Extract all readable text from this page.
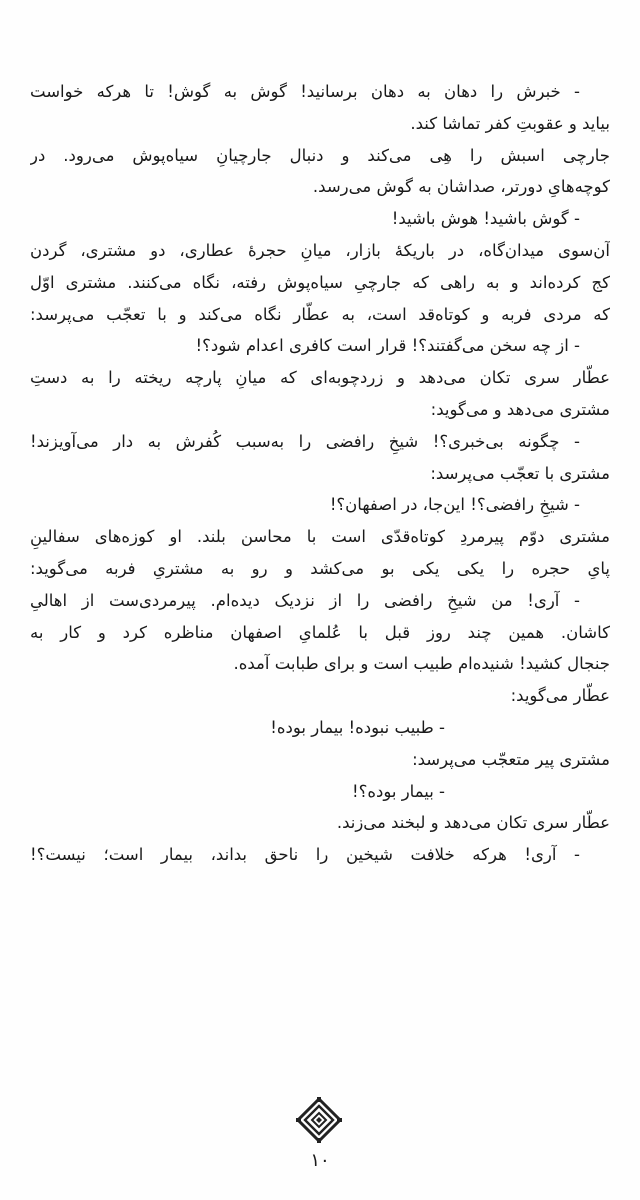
- خبرش را دهان به دهان برسانید! گوش به گوش! تا هرکه خواست
بیاید و عقوبتِ کفر تماشا کند.
جارچی اسبش را هِی می‌کند و دنبال جارچیانِ سیاه‌پوش می‌رود. در
کوچه‌هایِ دورتر، صداشان به گوش می‌رسد.
- گوش باشید! هوش باشید!
آن‌سوی میدان‌گاه، در باریکهٔ بازار، میانِ حجرهٔ عطاری، دو مشتری، گردن
کج کرده‌اند و به راهی که جارچیِ سیاه‌پوش رفته، نگاه می‌کنند. مشتری اوّل
که مردی فربه و کوتاه‌قد است، به عطّار نگاه می‌کند و با تعجّب می‌پرسد:
- از چه سخن می‌گفتند؟! قرار است کافری اعدام شود؟!
عطّار سری تکان می‌دهد و زردچوبه‌ای که میانِ پارچه ریخته را به دستِ
مشتری می‌دهد و می‌گوید:
- چگونه بی‌خبری؟! شیخِ رافضی را به‌سبب کُفرش به دار می‌آویزند!
مشتری با تعجّب می‌پرسد:
- شیخِ رافضی؟! این‌جا، در اصفهان؟!
مشتری دوّم پیرمردِ کوتاه‌قدّی است با محاسن بلند. او کوزه‌های سفالینِ
پایِ حجره را یکی یکی بو می‌کشد و رو به مشتریِ فربه می‌گوید:
- آری! من شیخِ رافضی را از نزدیک دیده‌ام. پیرمردی‌ست از اهالیِ
کاشان. همین چند روز قبل با عُلمایِ اصفهان مناظره کرد و کار به
جنجال کشید! شنیده‌ام طبیب است و برای طبابت آمده.
عطّار می‌گوید:
- طبیب نبوده! بیمار بوده!
مشتری پیر متعجّب می‌پرسد:
- بیمار بوده؟!
عطّار سری تکان می‌دهد و لبخند می‌زند.
- آری! هرکه خلافت شیخین را ناحق بداند، بیمار است؛ نیست؟!
۱۰
